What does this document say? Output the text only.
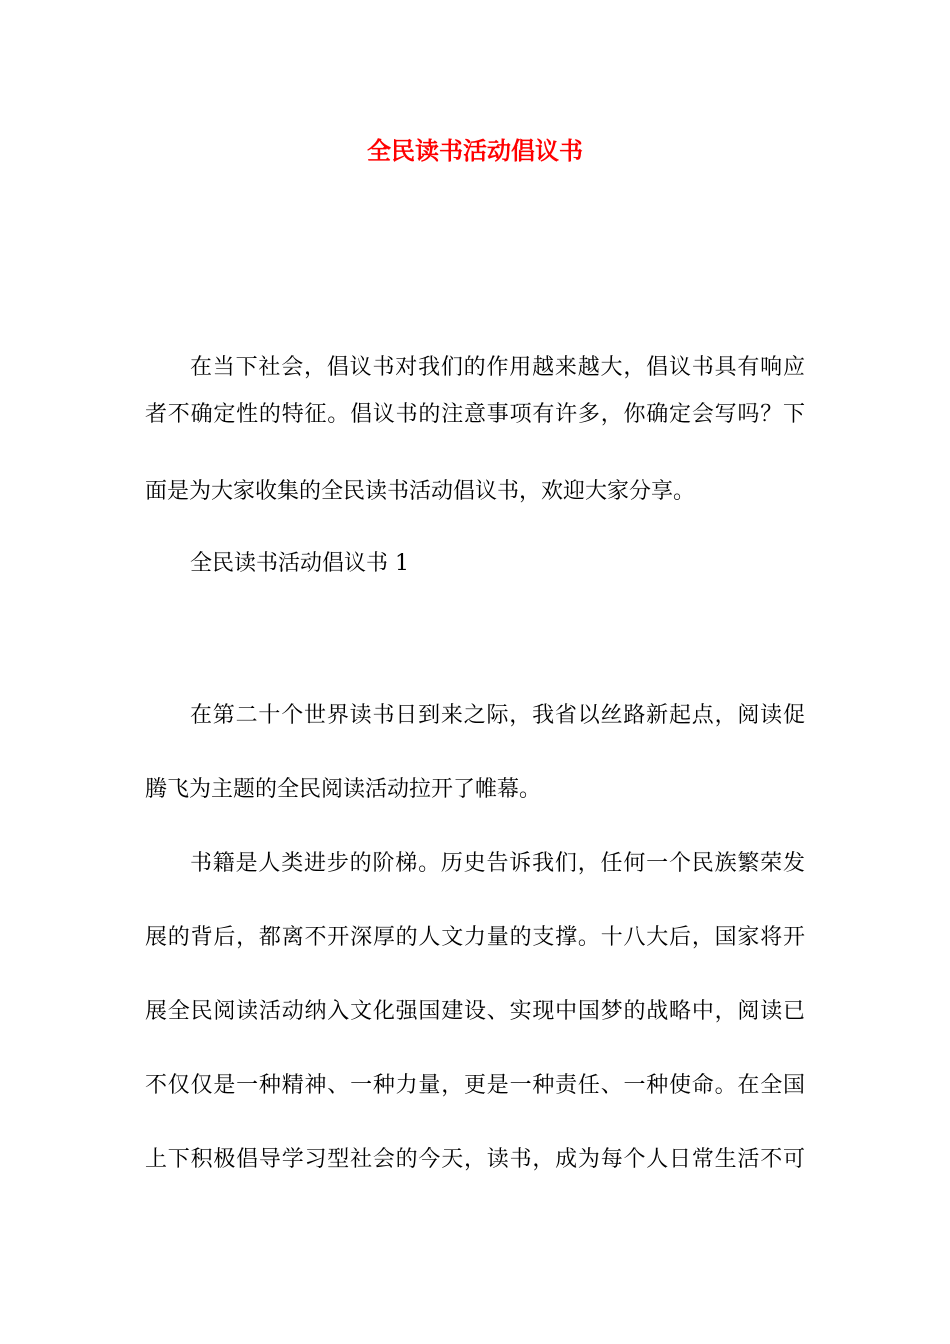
全民读书活动倡议书
在当下社会，倡议书对我们的作用越来越大，倡议书具有响应
者不确定性的特征。倡议书的注意事项有许多，你确定会写吗？下
面是为大家收集的全民读书活动倡议书，欢迎大家分享。
全民读书活动倡议书 1
在第二十个世界读书日到来之际，我省以丝路新起点，阅读促
腾飞为主题的全民阅读活动拉开了帷幕。
书籍是人类进步的阶梯。历史告诉我们，任何一个民族繁荣发
展的背后，都离不开深厚的人文力量的支撑。十八大后，国家将开
展全民阅读活动纳入文化强国建设、实现中国梦的战略中，阅读已
不仅仅是一种精神、一种力量，更是一种责任、一种使命。在全国
上下积极倡导学习型社会的今天，读书，成为每个人日常生活不可
